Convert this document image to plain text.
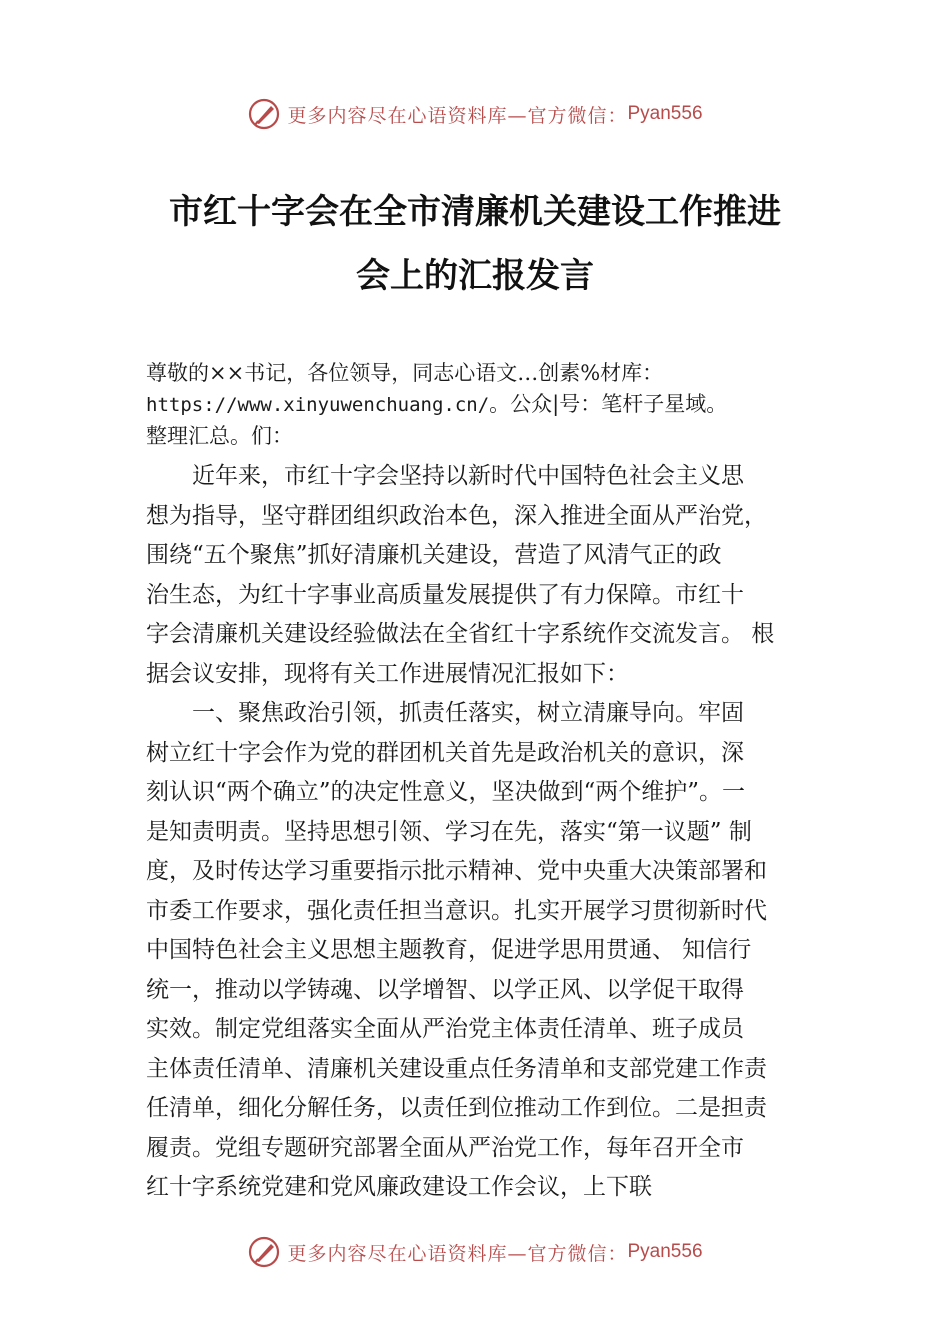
更多内容尽在心语资料库—官方微信： Pyan556
市红十字会在全市清廉机关建设工作推进
会上的汇报发言
尊敬的××书记，各位领导，同志心语文…创素%材库：
https://www.xinyuwenchuang.cn/。公众|号：笔杆子星域。
整理汇总。们：
　　近年来，市红十字会坚持以新时代中国特色社会主义思
想为指导，坚守群团组织政治本色，深入推进全面从严治党，
围绕“五个聚焦”抓好清廉机关建设，营造了风清气正的政
治生态，为红十字事业高质量发展提供了有力保障。市红十
字会清廉机关建设经验做法在全省红十字系统作交流发言。 根
据会议安排，现将有关工作进展情况汇报如下：
　　一、聚焦政治引领，抓责任落实，树立清廉导向。牢固
树立红十字会作为党的群团机关首先是政治机关的意识，深
刻认识“两个确立”的决定性意义，坚决做到“两个维护”。一
是知责明责。坚持思想引领、学习在先，落实“第一议题” 制
度，及时传达学习重要指示批示精神、党中央重大决策部署和
市委工作要求，强化责任担当意识。扎实开展学习贯彻新时代
中国特色社会主义思想主题教育，促进学思用贯通、 知信行
统一，推动以学铸魂、以学增智、以学正风、以学促干取得
实效。制定党组落实全面从严治党主体责任清单、班子成员
主体责任清单、清廉机关建设重点任务清单和支部党建工作责
任清单，细化分解任务，以责任到位推动工作到位。二是担责
履责。党组专题研究部署全面从严治党工作，每年召开全市
红十字系统党建和党风廉政建设工作会议，上下联
更多内容尽在心语资料库—官方微信： Pyan556
